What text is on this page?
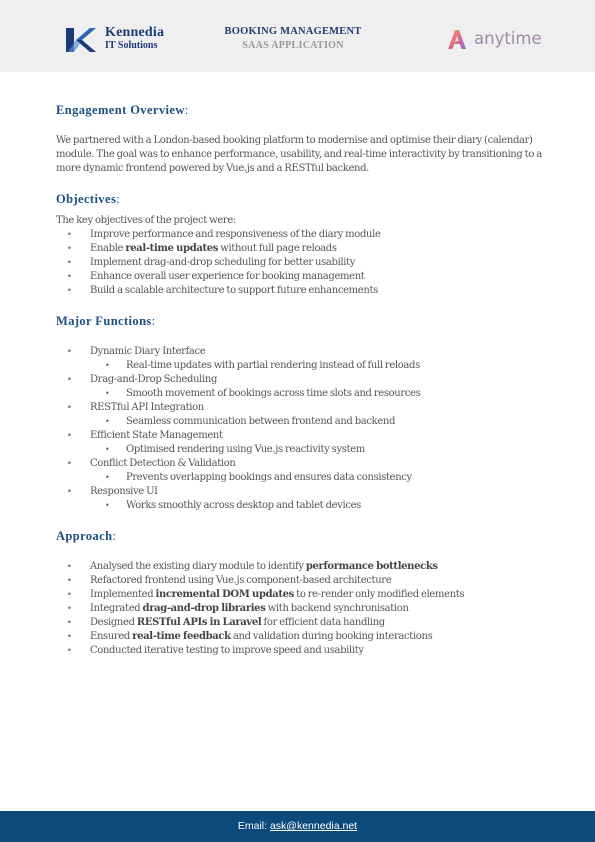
Kennedia
IT Solutions
BOOKING MANAGEMENT
SAAS APPLICATION	anytime
Engagement Overview:

We partnered with a London-based booking platform to modernise and optimise their diary (calendar) module. The goal was to enhance performance, usability, and real-time interactivity by transitioning to a more dynamic frontend powered by Vue.js and a RESTful backend.

Objectives:

The key objectives of the project were:

• Improve performance and responsiveness of the diary module
• Enable real-time updates without full page reloads
• Implement drag-and-drop scheduling for better usability
• Enhance overall user experience for booking management
• Build a scalable architecture to support future enhancements
Major Functions:
• Dynamic Diary Interface
• Real-time updates with partial rendering instead of full reloads
• Drag-and-Drop Scheduling
• Smooth movement of bookings across time slots and resources
• RESTful API Integration
• Seamless communication between frontend and backend
• Efficient State Management
• Optimised rendering using Vue.js reactivity system
• Conflict Detection & Validation
• Prevents overlapping bookings and ensures data consistency
• Responsive UI
• Works smoothly across desktop and tablet devices
Approach:
• Analysed the existing diary module to identify performance bottlenecks
• Refactored frontend using Vue.js component-based architecture
• Implemented incremental DOM updates to re-render only modified elements
• Integrated drag-and-drop libraries with backend synchronisation
• Designed RESTful APIs in Laravel for efficient data handling
• Ensured real-time feedback and validation during booking interactions
• Conducted iterative testing to improve speed and usability
Email: ask@kennedia.net
